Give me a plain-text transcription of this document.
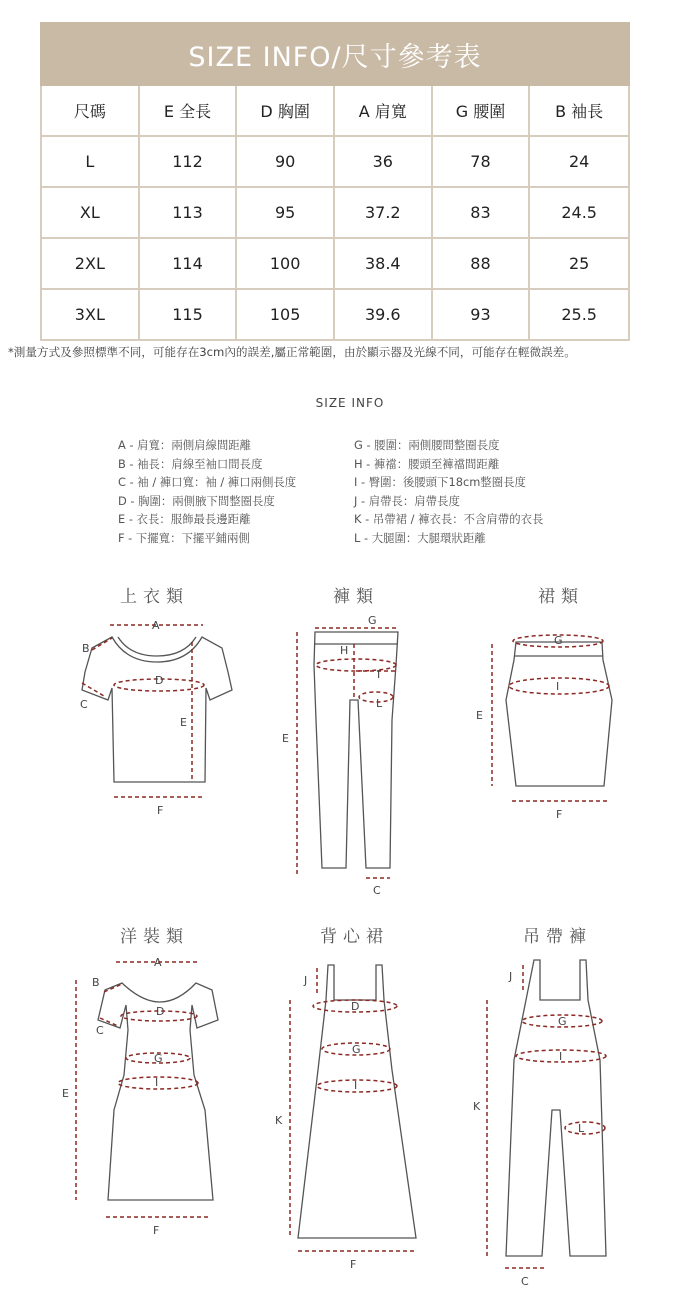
SIZE INFO/尺寸參考表
尺碼	E 全長	D 胸圍	A 肩寬	G 腰圍	B 袖長
L	112	90	36	78	24
XL	113	95	37.2	83	24.5
2XL	114	100	38.4	88	25
3XL	115	105	39.6	93	25.5
*測量方式及參照標準不同，可能存在3cm內的誤差,屬正常範圍，由於顯示器及光線不同，可能存在輕微誤差。
SIZE INFO
A - 肩寬：兩側肩線間距離
B - 袖長：肩線至袖口間長度
C - 袖 / 褲口寬：袖 / 褲口兩側長度
D - 胸圍：兩側腋下間整圈長度
E - 衣長：服飾最長邊距離
F - 下擺寬：下擺平鋪兩側
G - 腰圍：兩側腰間整圈長度
H - 褲襠：腰頭至褲襠間距離
I - 臀圍：後腰頭下18cm整圈長度
J - 肩帶長：肩帶長度
K - 吊帶裙 / 褲衣長：不含肩帶的衣長
L - 大腿圍：大腿環狀距離
上衣類	褲類	裙類
洋裝類	背心裙	吊帶褲
A
B
C
D
E
F
G
H
I
L
E
C
G
I
E
F
A
B
C
D
G
I
E
F
J
D
G
I
K
F
J
G
I
L
K
C
